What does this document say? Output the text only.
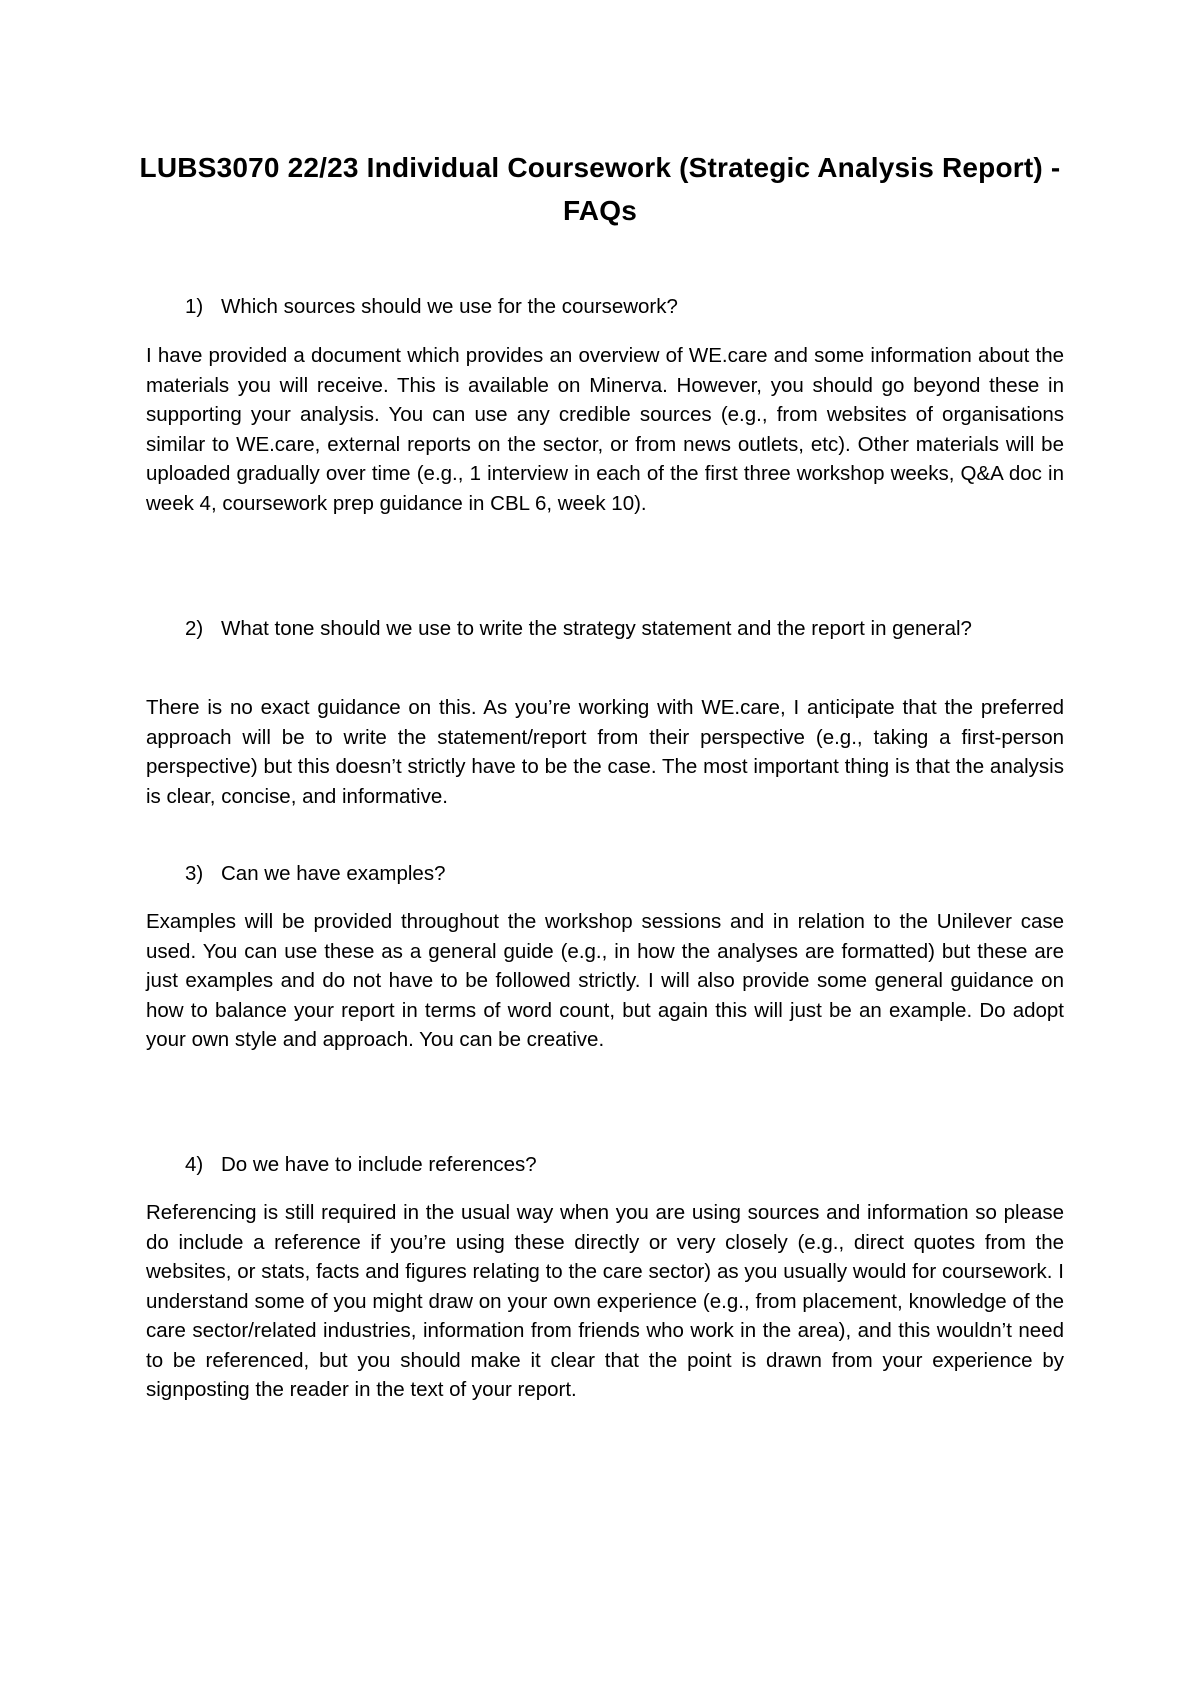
LUBS3070 22/23 Individual Coursework (Strategic Analysis Report) - FAQs
1) Which sources should we use for the coursework?
I have provided a document which provides an overview of WE.care and some information about the materials you will receive. This is available on Minerva. However, you should go beyond these in supporting your analysis. You can use any credible sources (e.g., from websites of organisations similar to WE.care, external reports on the sector, or from news outlets, etc). Other materials will be uploaded gradually over time (e.g., 1 interview in each of the first three workshop weeks, Q&A doc in week 4, coursework prep guidance in CBL 6, week 10).
2) What tone should we use to write the strategy statement and the report in general?
There is no exact guidance on this. As you’re working with WE.care, I anticipate that the preferred approach will be to write the statement/report from their perspective (e.g., taking a first-person perspective) but this doesn’t strictly have to be the case. The most important thing is that the analysis is clear, concise, and informative.
3) Can we have examples?
Examples will be provided throughout the workshop sessions and in relation to the Unilever case used. You can use these as a general guide (e.g., in how the analyses are formatted) but these are just examples and do not have to be followed strictly. I will also provide some general guidance on how to balance your report in terms of word count, but again this will just be an example. Do adopt your own style and approach. You can be creative.
4) Do we have to include references?
Referencing is still required in the usual way when you are using sources and information so please do include a reference if you’re using these directly or very closely (e.g., direct quotes from the websites, or stats, facts and figures relating to the care sector) as you usually would for coursework. I understand some of you might draw on your own experience (e.g., from placement, knowledge of the care sector/related industries, information from friends who work in the area), and this wouldn’t need to be referenced, but you should make it clear that the point is drawn from your experience by signposting the reader in the text of your report.
